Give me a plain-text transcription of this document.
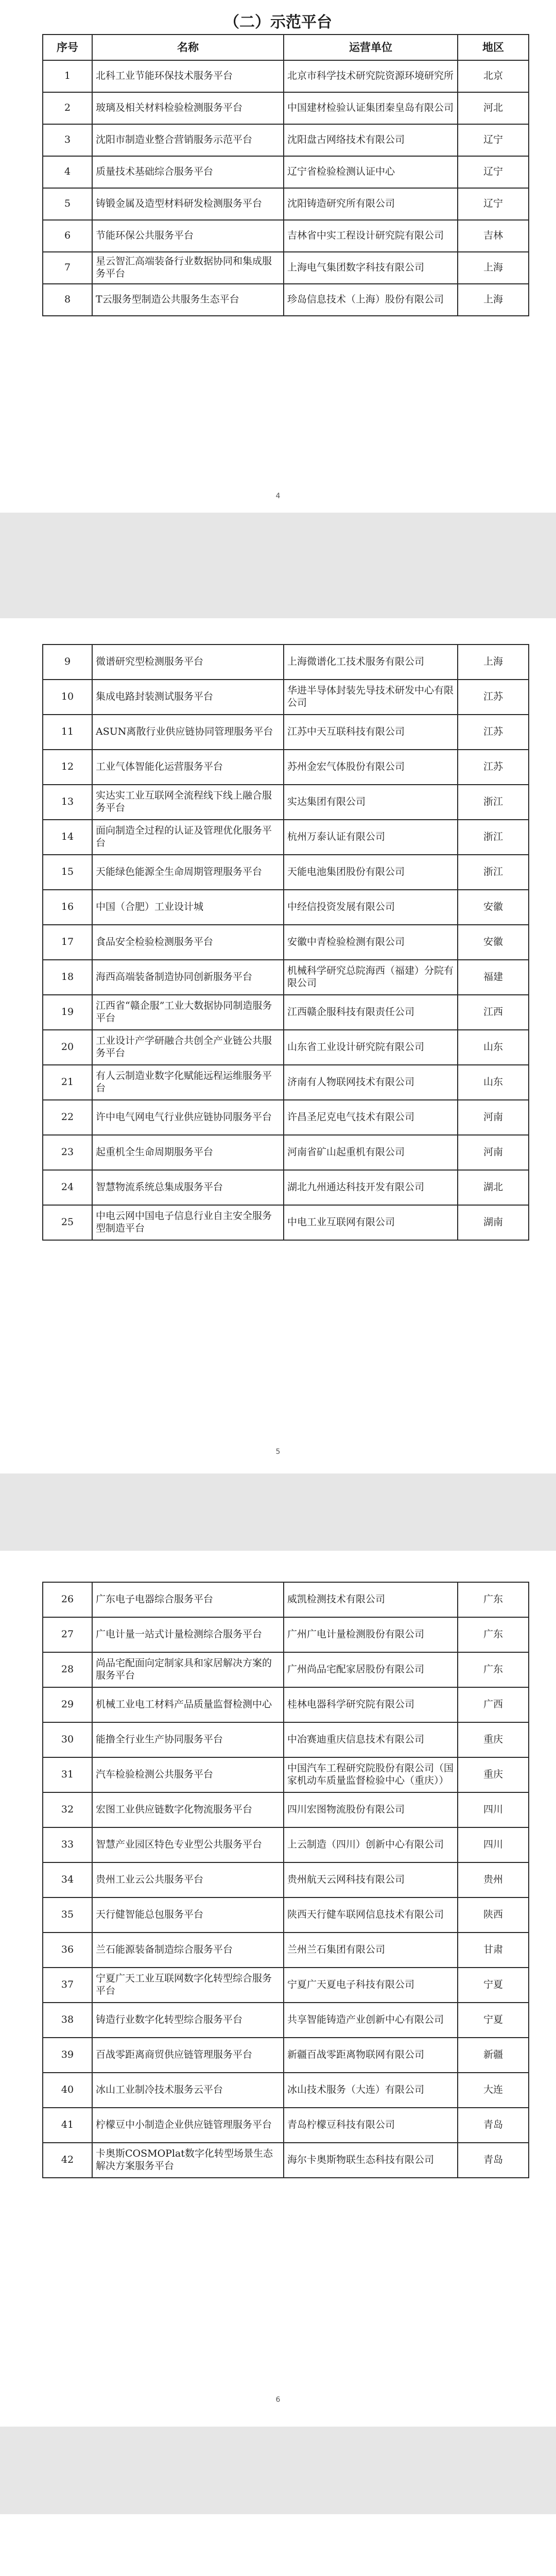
（二）示范平台
序号	名称	运营单位	地区
1	北科工业节能环保技术服务平台	北京市科学技术研究院资源环境研究所	北京
2	玻璃及相关材料检验检测服务平台	中国建材检验认证集团秦皇岛有限公司	河北
3	沈阳市制造业整合营销服务示范平台	沈阳盘古网络技术有限公司	辽宁
4	质量技术基础综合服务平台	辽宁省检验检测认证中心	辽宁
5	铸锻金属及造型材料研发检测服务平台	沈阳铸造研究所有限公司	辽宁
6	节能环保公共服务平台	吉林省中实工程设计研究院有限公司	吉林
7	星云智汇高端装备行业数据协同和集成服务平台	上海电气集团数字科技有限公司	上海
8	T云服务型制造公共服务生态平台	珍岛信息技术（上海）股份有限公司	上海
4
9	微谱研究型检测服务平台	上海微谱化工技术服务有限公司	上海
10	集成电路封装测试服务平台	华进半导体封装先导技术研发中心有限公司	江苏
11	ASUN离散行业供应链协同管理服务平台	江苏中天互联科技有限公司	江苏
12	工业气体智能化运营服务平台	苏州金宏气体股份有限公司	江苏
13	实达实工业互联网全流程线下线上融合服务平台	实达集团有限公司	浙江
14	面向制造全过程的认证及管理优化服务平台	杭州万泰认证有限公司	浙江
15	天能绿色能源全生命周期管理服务平台	天能电池集团股份有限公司	浙江
16	中国（合肥）工业设计城	中经信投资发展有限公司	安徽
17	食品安全检验检测服务平台	安徽中青检验检测有限公司	安徽
18	海西高端装备制造协同创新服务平台	机械科学研究总院海西（福建）分院有限公司	福建
19	江西省“赣企服”工业大数据协同制造服务平台	江西赣企服科技有限责任公司	江西
20	工业设计产学研融合共创全产业链公共服务平台	山东省工业设计研究院有限公司	山东
21	有人云制造业数字化赋能远程运维服务平台	济南有人物联网技术有限公司	山东
22	许中电气网电气行业供应链协同服务平台	许昌圣尼克电气技术有限公司	河南
23	起重机全生命周期服务平台	河南省矿山起重机有限公司	河南
24	智慧物流系统总集成服务平台	湖北九州通达科技开发有限公司	湖北
25	中电云网中国电子信息行业自主安全服务型制造平台	中电工业互联网有限公司	湖南
5
26	广东电子电器综合服务平台	威凯检测技术有限公司	广东
27	广电计量一站式计量检测综合服务平台	广州广电计量检测股份有限公司	广东
28	尚品宅配面向定制家具和家居解决方案的服务平台	广州尚品宅配家居股份有限公司	广东
29	机械工业电工材料产品质量监督检测中心	桂林电器科学研究院有限公司	广西
30	能撸全行业生产协同服务平台	中冶赛迪重庆信息技术有限公司	重庆
31	汽车检验检测公共服务平台	中国汽车工程研究院股份有限公司（国家机动车质量监督检验中心（重庆））	重庆
32	宏图工业供应链数字化物流服务平台	四川宏图物流股份有限公司	四川
33	智慧产业园区特色专业型公共服务平台	上云制造（四川）创新中心有限公司	四川
34	贵州工业云公共服务平台	贵州航天云网科技有限公司	贵州
35	天行健智能总包服务平台	陕西天行健车联网信息技术有限公司	陕西
36	兰石能源装备制造综合服务平台	兰州兰石集团有限公司	甘肃
37	宁夏广天工业互联网数字化转型综合服务平台	宁夏广天夏电子科技有限公司	宁夏
38	铸造行业数字化转型综合服务平台	共享智能铸造产业创新中心有限公司	宁夏
39	百战零距离商贸供应链管理服务平台	新疆百战零距离物联网有限公司	新疆
40	冰山工业制冷技术服务云平台	冰山技术服务（大连）有限公司	大连
41	柠檬豆中小制造企业供应链管理服务平台	青岛柠檬豆科技有限公司	青岛
42	卡奥斯COSMOPlat数字化转型场景生态解决方案服务平台	海尔卡奥斯物联生态科技有限公司	青岛
6
